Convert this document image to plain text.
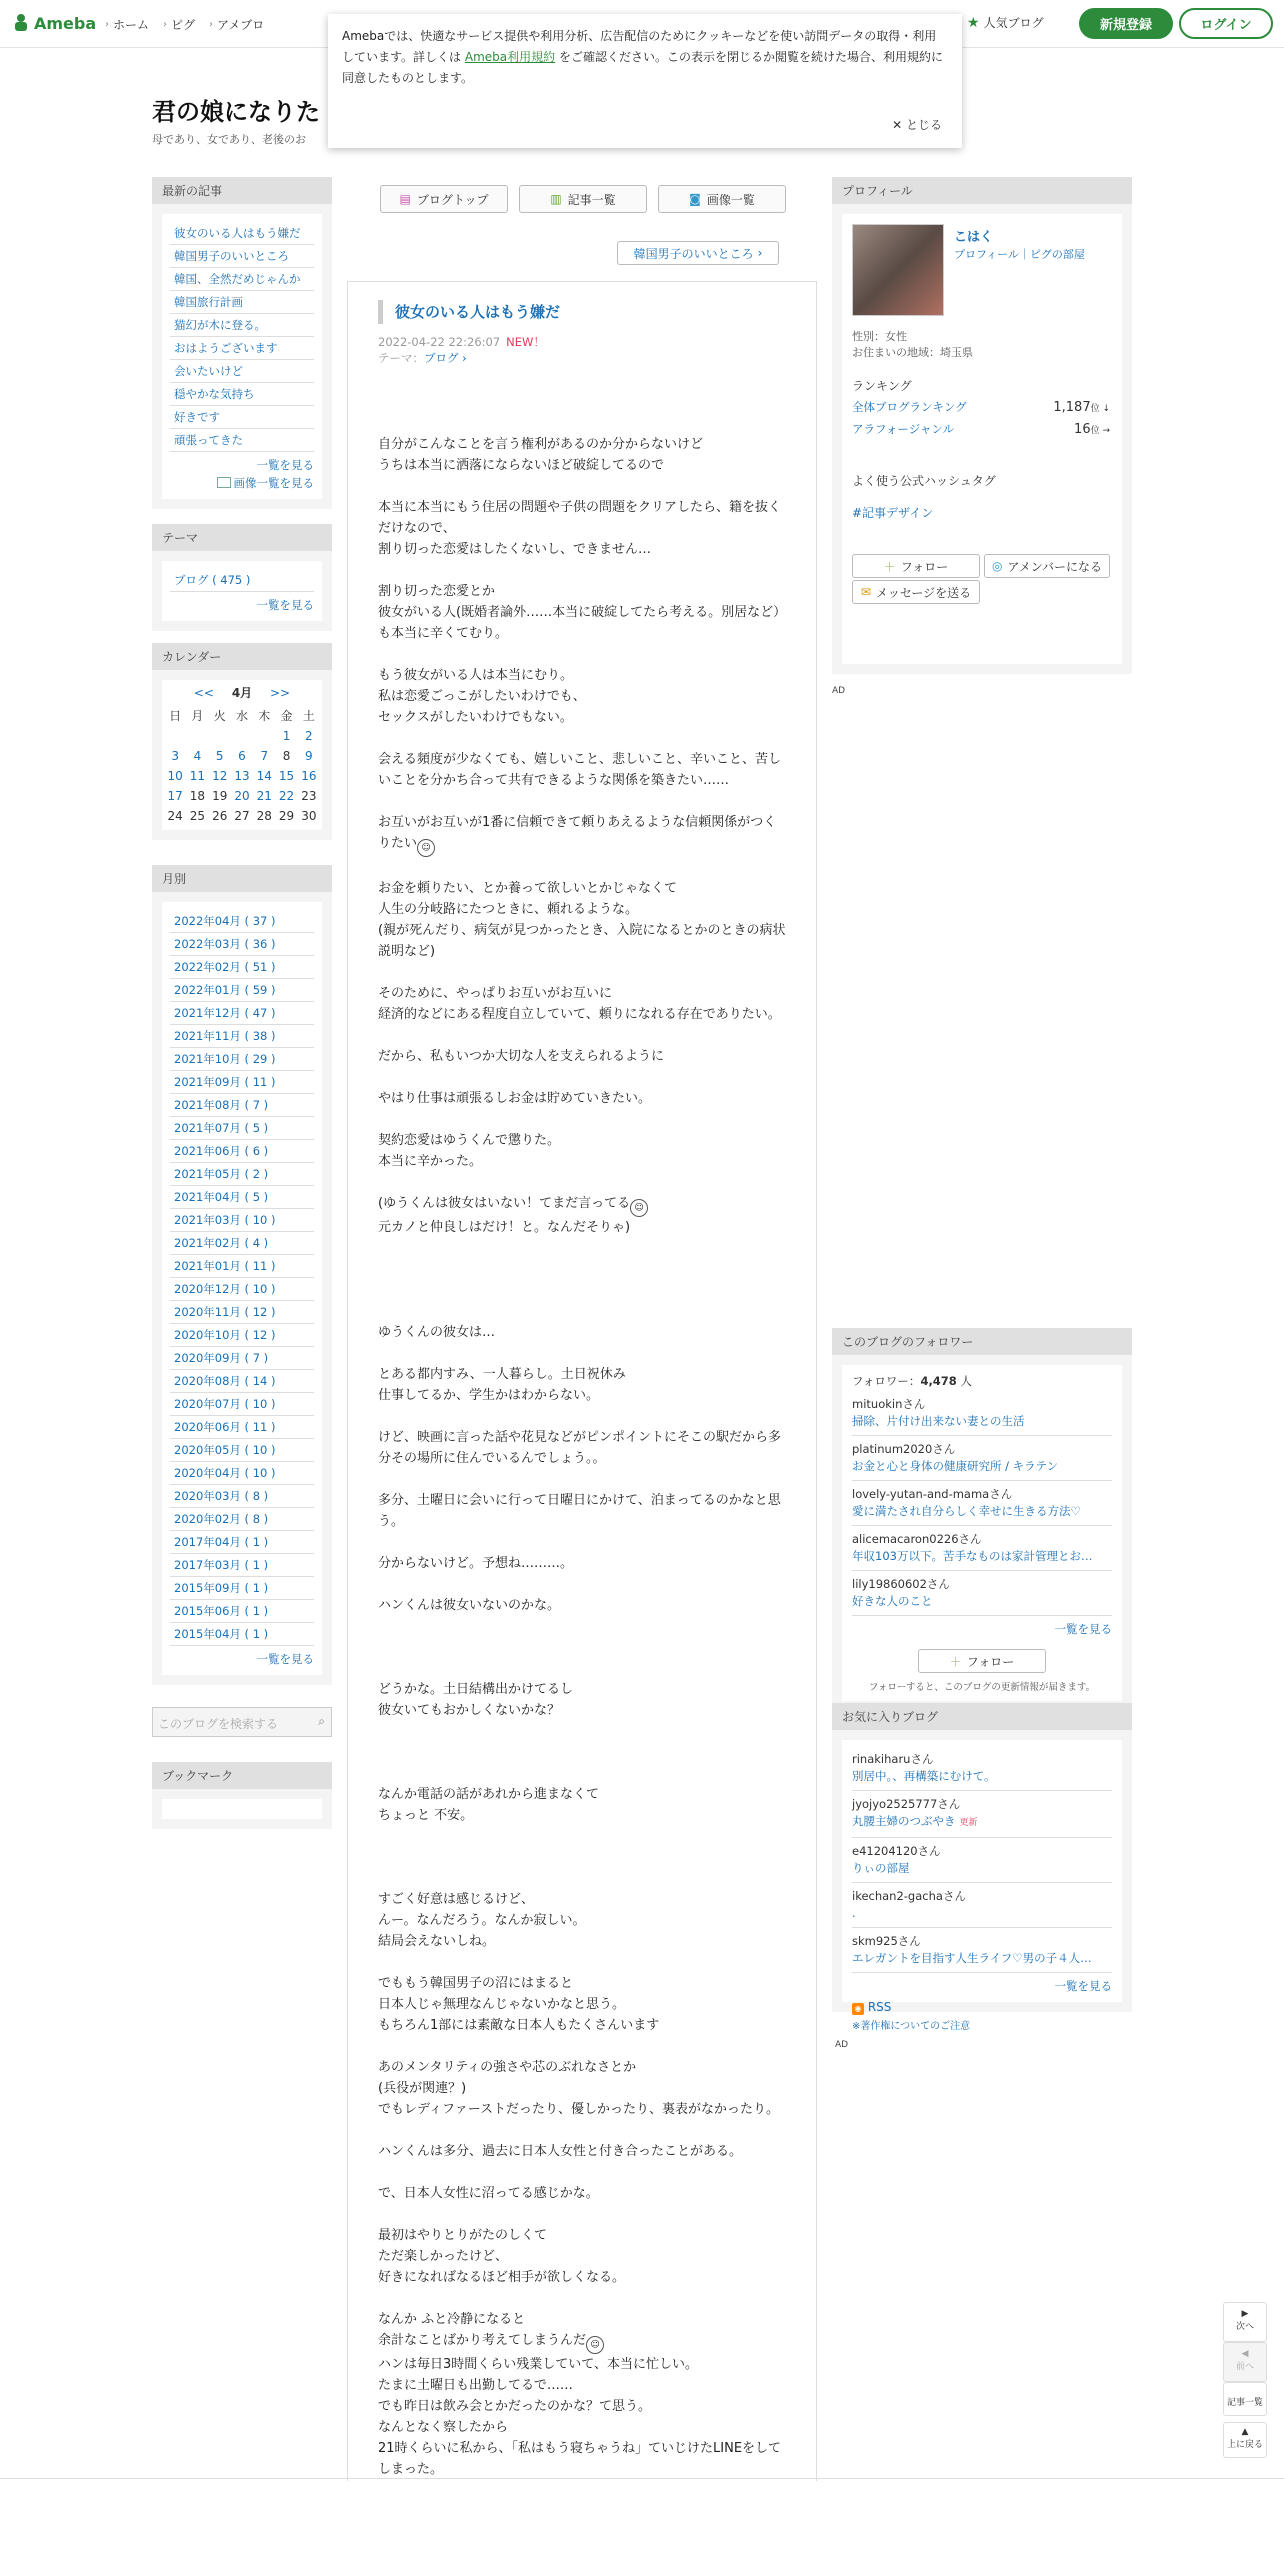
Ameba › ホーム › ピグ › アメブロ	★ 人気ブログ	新規登録	ログイン
Amebaでは、快適なサービス提供や利用分析、広告配信のためにクッキーなどを使い訪問データの取得・利用しています。詳しくは Ameba利用規約 をご確認ください。この表示を閉じるか閲覧を続けた場合、利用規約に同意したものとします。
✕ とじる
君の娘になりた
母であり、女であり、老後のお
最新の記事
彼女のいる人はもう嫌だ
韓国男子のいいところ
韓国、全然だめじゃんか
韓国旅行計画
猫幻が木に登る。
おはようございます
会いたいけど
穏やかな気持ち
好きです
頑張ってきた
一覧を見る
画像一覧を見る
テーマ
ブログ ( 475 )
一覧を見る
カレンダー
<< 4月 >>
日	月	火	水	木	金	土
					1	2
3	4	5	6	7	8	9
10	11	12	13	14	15	16
17	18	19	20	21	22	23
24	25	26	27	28	29	30
月別
2022年04月 ( 37 )
2022年03月 ( 36 )
2022年02月 ( 51 )
2022年01月 ( 59 )
2021年12月 ( 47 )
2021年11月 ( 38 )
2021年10月 ( 29 )
2021年09月 ( 11 )
2021年08月 ( 7 )
2021年07月 ( 5 )
2021年06月 ( 6 )
2021年05月 ( 2 )
2021年04月 ( 5 )
2021年03月 ( 10 )
2021年02月 ( 4 )
2021年01月 ( 11 )
2020年12月 ( 10 )
2020年11月 ( 12 )
2020年10月 ( 12 )
2020年09月 ( 7 )
2020年08月 ( 14 )
2020年07月 ( 10 )
2020年06月 ( 11 )
2020年05月 ( 10 )
2020年04月 ( 10 )
2020年03月 ( 8 )
2020年02月 ( 8 )
2017年04月 ( 1 )
2017年03月 ( 1 )
2015年09月 ( 1 )
2015年06月 ( 1 )
2015年04月 ( 1 )
一覧を見る
このブログを検索する	⌕
ブックマーク
▤ ブログトップ	▥ 記事一覧	◙ 画像一覧
韓国男子のいいところ ›
彼女のいる人はもう嫌だ
2022-04-22 22:26:07 NEW！
テーマ：ブログ ›

自分がこんなことを言う権利があるのか分からないけど
うちは本当に洒落にならないほど破綻してるので

本当に本当にもう住居の問題や子供の問題をクリアしたら、籍を抜くだけなので、
割り切った恋愛はしたくないし、できません…

割り切った恋愛とか
彼女がいる人(既婚者論外……本当に破綻してたら考える。別居など）も本当に辛くてむり。

もう彼女がいる人は本当にむり。
私は恋愛ごっこがしたいわけでも、
セックスがしたいわけでもない。

会える頻度が少なくても、嬉しいこと、悲しいこと、辛いこと、苦しいことを分かち合って共有できるような関係を築きたい……

お互いがお互いが1番に信頼できて頼りあえるような信頼関係がつくりたい ☺

お金を頼りたい、とか養って欲しいとかじゃなくて
人生の分岐路にたつときに、頼れるような。
(親が死んだり、病気が見つかったとき、入院になるとかのときの病状説明など)

そのために、やっぱりお互いがお互いに
経済的などにある程度自立していて、頼りになれる存在でありたい。

だから、私もいつか大切な人を支えられるように

やはり仕事は頑張るしお金は貯めていきたい。

契約恋愛はゆうくんで懲りた。
本当に辛かった。

(ゆうくんは彼女はいない！てまだ言ってる ☺
元カノと仲良しはだけ！と。なんだそりゃ)

ゆうくんの彼女は…

とある都内すみ、一人暮らし。土日祝休み
仕事してるか、学生かはわからない。

けど、映画に言った話や花見などがピンポイントにそこの駅だから多分その場所に住んでいるんでしょう。。

多分、土曜日に会いに行って日曜日にかけて、泊まってるのかなと思う。

分からないけど。予想ね………。

ハンくんは彼女いないのかな。

どうかな。土日結構出かけてるし
彼女いてもおかしくないかな？

なんか電話の話があれから進まなくて
ちょっと 不安。

すごく好意は感じるけど、
んー。なんだろう。なんか寂しい。
結局会えないしね。

でももう韓国男子の沼にはまると
日本人じゃ無理なんじゃないかなと思う。
もちろん1部には素敵な日本人もたくさんいます

あのメンタリティの強さや芯のぶれなさとか
(兵役が関連？)
でもレディファーストだったり、優しかったり、裏表がなかったり。

ハンくんは多分、過去に日本人女性と付き合ったことがある。

で、日本人女性に沼ってる感じかな。

最初はやりとりがたのしくて
ただ楽しかったけど、
好きになればなるほど相手が欲しくなる。

なんか ふと冷静になると
余計なことばかり考えてしまうんだ ☺
ハンは毎日3時間くらい残業していて、本当に忙しい。
たまに土曜日も出勤してるで……
でも昨日は飲み会とかだったのかな？て思う。
なんとなく察したから
21時くらいに私から、「私はもう寝ちゃうね」ていじけたLINEをしてしまった。

プロフィール
こはく
プロフィール｜ピグの部屋
性別：女性
お住まいの地域：埼玉県
ランキング
全体ブログランキング	1,187位 ↓
アラフォージャンル	16位 →
よく使う公式ハッシュタグ
#記事デザイン
＋ フォロー	◎ アメンバーになる
✉ メッセージを送る
AD
このブログのフォロワー
フォロワー：4,478 人
mituokinさん
掃除、片付け出来ない妻との生活
platinum2020さん
お金と心と身体の健康研究所 / キラテン
lovely-yutan-and-mamaさん
愛に満たされ自分らしく幸せに生きる方法♡
alicemacaron0226さん
年収103万以下。苦手なものは家計管理とお…
lily19860602さん
好きな人のこと
一覧を見る
＋ フォロー
フォローすると、このブログの更新情報が届きます。
お気に入りブログ
rinakiharuさん
別居中。、再構築にむけて。
jyojyo2525777さん
丸腰主婦のつぶやき 更新
e41204120さん
りぃの部屋
ikechan2-gachaさん
.
skm925さん
エレガントを目指す人生ライフ♡男の子４人…
一覧を見る
◉ RSS
※著作権についてのご注意
AD
▶
次へ
◀
前へ
記事一覧
▲
上に戻る
